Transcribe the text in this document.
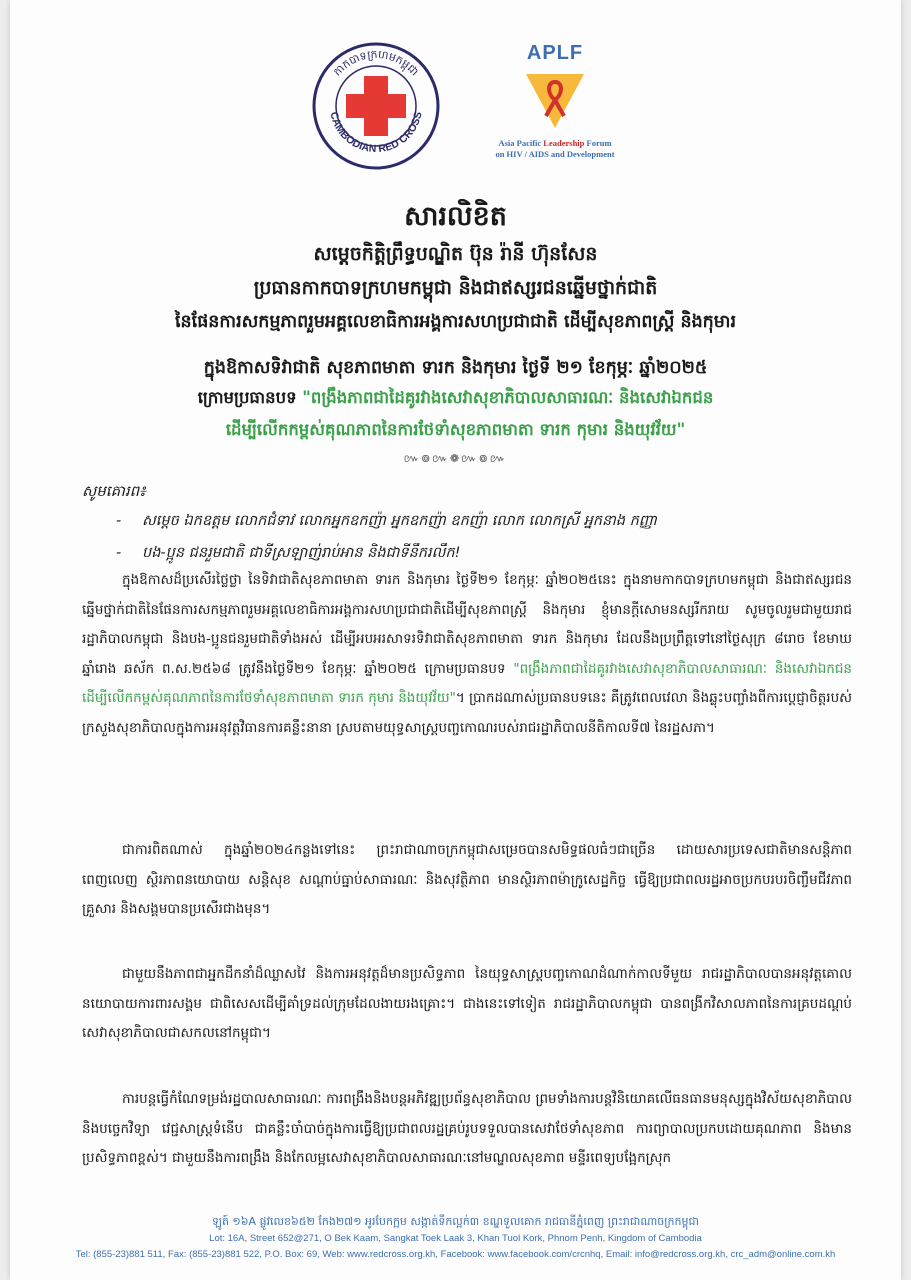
CAMBODIAN RED CROSS
កាកបាទក្រហមកម្ពុជា
APLF
Asia Pacific Leadership Forum
on HIV / AIDS and Development
សារលិខិត
សម្តេចកិត្តិព្រឹទ្ធបណ្ឌិត ប៊ុន រ៉ានី ហ៊ុនសែន
ប្រធានកាកបាទក្រហមកម្ពុជា និងជាឥស្សរជនឆ្នើមថ្នាក់ជាតិ
នៃផែនការសកម្មភាពរួមអគ្គលេខាធិការអង្គការសហប្រជាជាតិ ដើម្បីសុខភាពស្ត្រី និងកុមារ
ក្នុងឱកាសទិវាជាតិ សុខភាពមាតា ទារក និងកុមារ ថ្ងៃទី ២១ ខែកុម្ភៈ ឆ្នាំ២០២៥
ក្រោមប្រធានបទ "ពង្រឹងភាពជាដៃគូរវាងសេវាសុខាភិបាលសាធារណៈ និងសេវាឯកជន
ដើម្បីលើកកម្ពស់គុណភាពនៃការថែទាំសុខភាពមាតា ទារក កុមារ និងយុវវ័យ"
៚៙៚❁៚៙៚
សូមគោរព៖
- សម្តេច ឯកឧត្តម លោកជំទាវ លោកអ្នកឧកញ៉ា អ្នកឧកញ៉ា ឧកញ៉ា លោក លោកស្រី អ្នកនាង កញ្ញា
- បង-ប្អូន ជនរួមជាតិ ជាទីស្រឡាញ់រាប់អាន និងជាទីនឹករលឹក!

ក្នុងឱកាសដ៏ប្រសើរថ្លៃថ្លា នៃទិវាជាតិសុខភាពមាតា ទារក និងកុមារ ថ្ងៃទី២១ ខែកុម្ភៈ ឆ្នាំ២០២៥នេះ ក្នុងនាមកាកបាទក្រហមកម្ពុជា និងជាឥស្សរជនឆ្នើមថ្នាក់ជាតិនៃផែនការសកម្មភាពរួមអគ្គលេខាធិការអង្គការសហប្រជាជាតិដើម្បីសុខភាពស្ត្រី និងកុមារ ខ្ញុំមានក្តីសោមនស្សរីករាយ សូមចូលរួមជាមួយរាជរដ្ឋាភិបាលកម្ពុជា និងបង-ប្អូនជនរួមជាតិទាំងអស់ ដើម្បីអបអរសាទរទិវាជាតិសុខភាពមាតា ទារក និងកុមារ ដែលនឹងប្រព្រឹត្តទៅនៅថ្ងៃសុក្រ ៨រោច ខែមាឃ ឆ្នាំរោង ឆស័ក ព.ស.២៥៦៨ ត្រូវនឹងថ្ងៃទី២១ ខែកុម្ភៈ ឆ្នាំ២០២៥ ក្រោមប្រធានបទ "ពង្រឹងភាពជាដៃគូរវាងសេវាសុខាភិបាលសាធារណៈ និងសេវាឯកជន ដើម្បីលើកកម្ពស់គុណភាពនៃការថែទាំសុខភាពមាតា ទារក កុមារ និងយុវវ័យ"។ ប្រាកដណាស់ប្រធានបទនេះ គឺត្រូវពេលវេលា និងឆ្លុះបញ្ចាំងពីការប្តេជ្ញាចិត្តរបស់ក្រសួងសុខាភិបាលក្នុងការអនុវត្តវិធានការគន្លឹះនានា ស្របតាមយុទ្ធសាស្ត្របញ្ចកោណរបស់រាជរដ្ឋាភិបាលនីតិកាលទី៧ នៃរដ្ឋសភា។

ជាការពិតណាស់ ក្នុងឆ្នាំ២០២៤កន្លងទៅនេះ ព្រះរាជាណាចក្រកម្ពុជាសម្រេចបានសមិទ្ធផលធំៗជាច្រើន ដោយសារប្រទេសជាតិមានសន្តិភាពពេញលេញ ស្ថិរភាពនយោបាយ សន្តិសុខ សណ្តាប់ធ្នាប់សាធារណៈ និងសុវត្ថិភាព មានស្ថិរភាពម៉ាក្រូសេដ្ឋកិច្ច ធ្វើឱ្យប្រជាពលរដ្ឋអាចប្រកបរបរចិញ្ចឹមជីវភាពគ្រួសារ និងសង្គមបានប្រសើរជាងមុន។

ជាមួយនឹងភាពជាអ្នកដឹកនាំដ៏ឈ្លាសវៃ និងការអនុវត្តដ៏មានប្រសិទ្ធភាព នៃយុទ្ធសាស្ត្របញ្ចកោណដំណាក់កាលទីមួយ រាជរដ្ឋាភិបាលបានអនុវត្តគោលនយោបាយការពារសង្គម ជាពិសេសដើម្បីគាំទ្រដល់ក្រុមដែលងាយរងគ្រោះ។ ជាងនេះទៅទៀត រាជរដ្ឋាភិបាលកម្ពុជា បានពង្រីកវិសាលភាពនៃការគ្របដណ្តប់សេវាសុខាភិបាលជាសកលនៅកម្ពុជា។

ការបន្តធ្វើកំណែទម្រង់រដ្ឋបាលសាធារណៈ ការពង្រឹងនិងបន្តអភិវឌ្ឍប្រព័ន្ធសុខាភិបាល ព្រមទាំងការបន្តវិនិយោគលើធនធានមនុស្សក្នុងវិស័យសុខាភិបាល និងបច្ចេកវិទ្យា វេជ្ជសាស្ត្រទំនើប ជាគន្លឹះចាំបាច់ក្នុងការធ្វើឱ្យប្រជាពលរដ្ឋគ្រប់រូបទទួលបានសេវាថែទាំសុខភាព ការព្យាបាលប្រកបដោយគុណភាព និងមានប្រសិទ្ធភាពខ្ពស់។ ជាមួយនឹងការពង្រឹង និងកែលម្អសេវាសុខាភិបាលសាធារណៈនៅមណ្ឌលសុខភាព មន្ទីរពេទ្យបង្អែកស្រុក

ឡូត៍ ១៦A ផ្លូវលេខ៦៥២ កែង២៧១ អូរបែកក្អម សង្កាត់ទឹកល្អក់៣ ខណ្ឌទួលគោក រាជធានីភ្នំពេញ ព្រះរាជាណាចក្រកម្ពុជា
Lot: 16A, Street 652@271, O Bek Kaam, Sangkat Toek Laak 3, Khan Tuol Kork, Phnom Penh, Kingdom of Cambodia
Tel: (855-23)881 511, Fax: (855-23)881 522, P.O. Box: 69, Web: www.redcross.org.kh, Facebook: www.facebook.com/crcnhq, Email: info@redcross.org.kh, crc_adm@online.com.kh
